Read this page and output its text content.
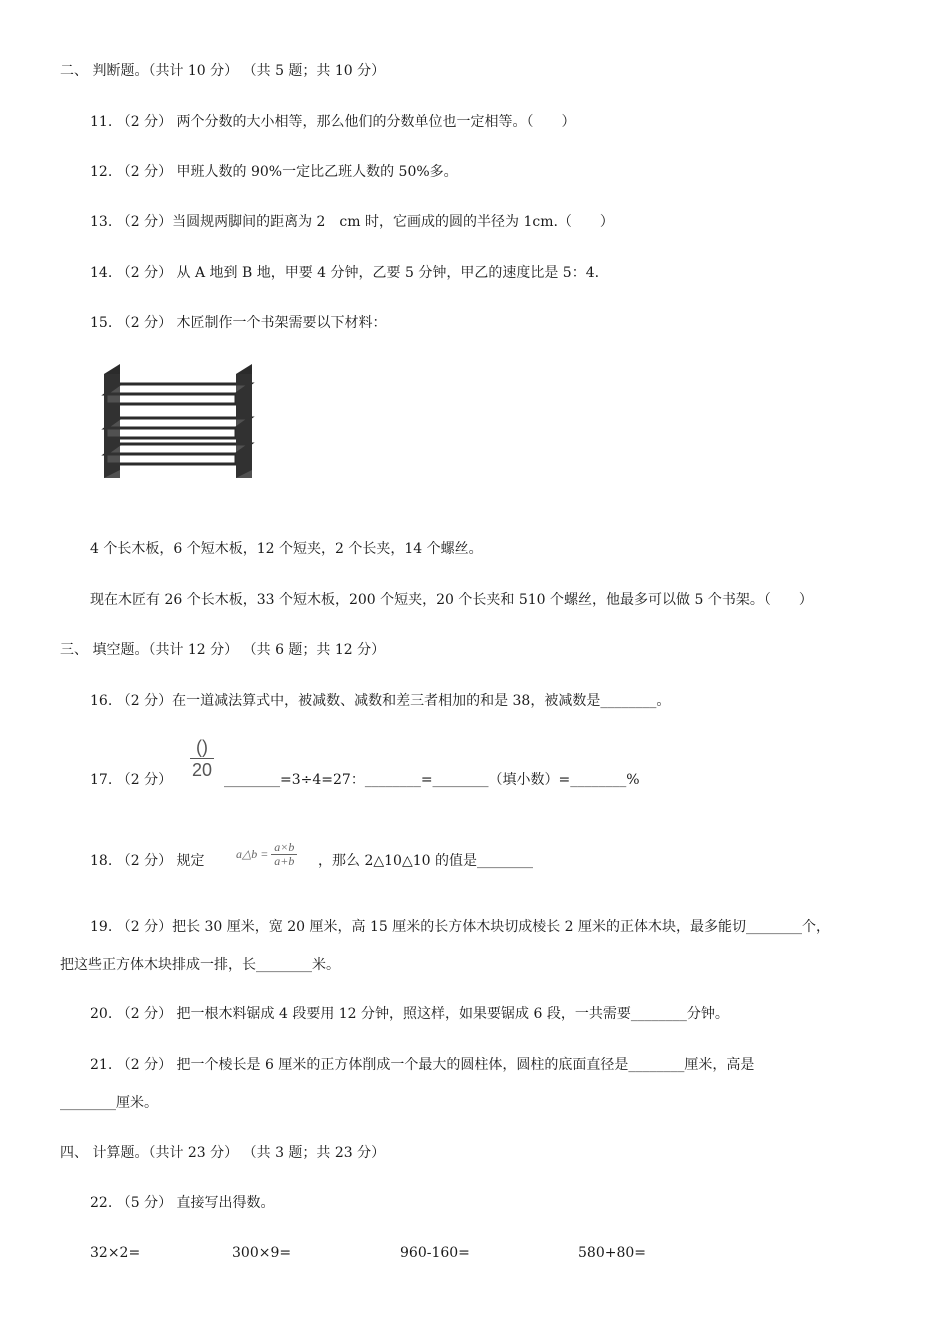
二、 判断题。（共计 10 分） （共 5 题；共 10 分）
11. （2 分） 两个分数的大小相等，那么他们的分数单位也一定相等。（　　）
12. （2 分） 甲班人数的 90%一定比乙班人数的 50%多。
13. （2 分）当圆规两脚间的距离为 2　cm 时，它画成的圆的半径为 1cm.（　　）
14. （2 分） 从 A 地到 B 地，甲要 4 分钟，乙要 5 分钟，甲乙的速度比是 5：4.
15. （2 分） 木匠制作一个书架需要以下材料：
4 个长木板，6 个短木板，12 个短夹，2 个长夹，14 个螺丝。
现在木匠有 26 个长木板，33 个短木板，200 个短夹，20 个长夹和 510 个螺丝，他最多可以做 5 个书架。（　　）
三、 填空题。（共计 12 分） （共 6 题；共 12 分）
16. （2 分）在一道减法算式中，被减数、减数和差三者相加的和是 38，被减数是________。
17. （2 分）
()
20 ________=3÷4=27：________=________（填小数）=________%
18. （2 分） 规定	a△b = a×b
a+b ，那么 2△10△10 的值是________
19. （2 分）把长 30 厘米，宽 20 厘米，高 15 厘米的长方体木块切成棱长 2 厘米的正体木块，最多能切________个，
把这些正方体木块排成一排，长________米。
20. （2 分） 把一根木料锯成 4 段要用 12 分钟，照这样，如果要锯成 6 段，一共需要________分钟。
21. （2 分） 把一个棱长是 6 厘米的正方体削成一个最大的圆柱体，圆柱的底面直径是________厘米，高是
________厘米。
四、 计算题。（共计 23 分） （共 3 题；共 23 分）
22. （5 分） 直接写出得数。
32×2=	300×9=	960-160=	580+80=
